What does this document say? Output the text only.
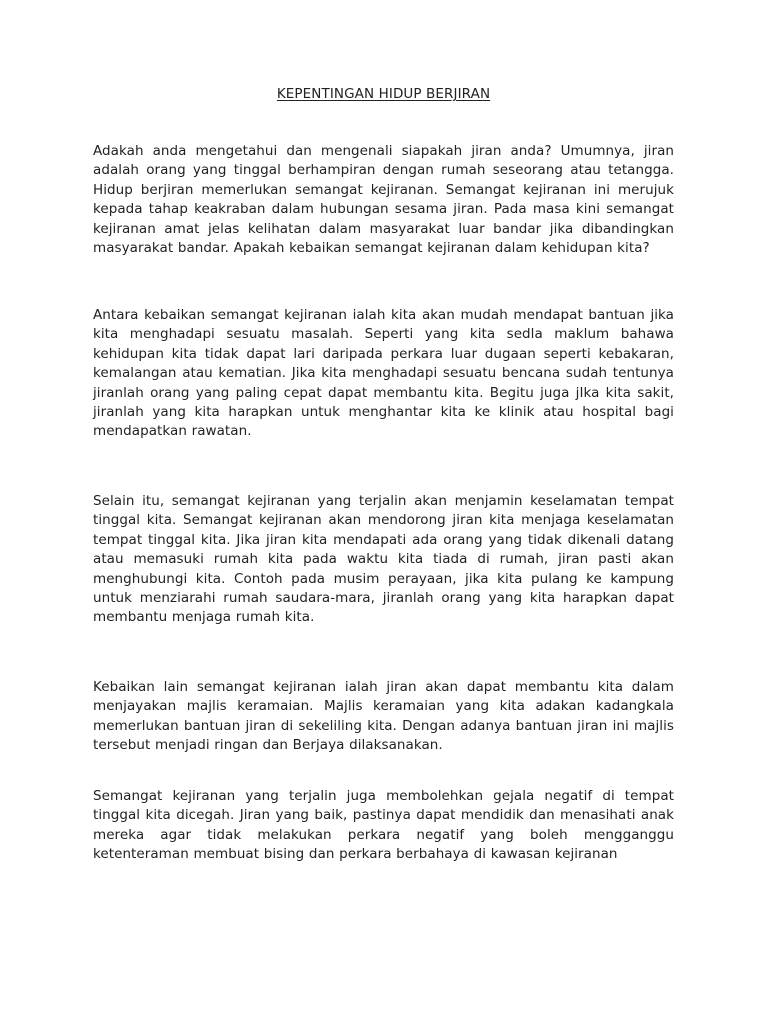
KEPENTINGAN HIDUP BERJIRAN

Adakah anda mengetahui dan mengenali siapakah jiran anda? Umumnya, jiran adalah orang yang tinggal berhampiran dengan rumah seseorang atau tetangga. Hidup berjiran memerlukan semangat kejiranan. Semangat kejiranan ini merujuk kepada tahap keakraban dalam hubungan sesama jiran. Pada masa kini semangat kejiranan amat jelas kelihatan dalam masyarakat luar bandar jika dibandingkan masyarakat bandar. Apakah kebaikan semangat kejiranan dalam kehidupan kita?

Antara kebaikan semangat kejiranan ialah kita akan mudah mendapat bantuan jika kita menghadapi sesuatu masalah. Seperti yang kita sedla maklum bahawa kehidupan kita tidak dapat lari daripada perkara luar dugaan seperti kebakaran, kemalangan atau kematian. Jika kita menghadapi sesuatu bencana sudah tentunya jiranlah orang yang paling cepat dapat membantu kita. Begitu juga jIka kita sakit, jiranlah yang kita harapkan untuk menghantar kita ke klinik atau hospital bagi mendapatkan rawatan.

Selain itu, semangat kejiranan yang terjalin akan menjamin keselamatan tempat tinggal kita. Semangat kejiranan akan mendorong jiran kita menjaga keselamatan tempat tinggal kita. Jika jiran kita mendapati ada orang yang tidak dikenali datang atau memasuki rumah kita pada waktu kita tiada di rumah, jiran pasti akan menghubungi kita. Contoh pada musim perayaan, jika kita pulang ke kampung untuk menziarahi rumah saudara-mara, jiranlah orang yang kita harapkan dapat membantu menjaga rumah kita.

Kebaikan lain semangat kejiranan ialah jiran akan dapat membantu kita dalam menjayakan majlis keramaian. Majlis keramaian yang kita adakan kadangkala memerlukan bantuan jiran di sekeliling kita. Dengan adanya bantuan jiran ini majlis tersebut menjadi ringan dan Berjaya dilaksanakan.

Semangat kejiranan yang terjalin juga membolehkan gejala negatif di tempat tinggal kita dicegah. Jiran yang baik, pastinya dapat mendidik dan menasihati anak mereka agar tidak melakukan perkara negatif yang boleh mengganggu ketenteraman membuat bising dan perkara berbahaya di kawasan kejiranan
